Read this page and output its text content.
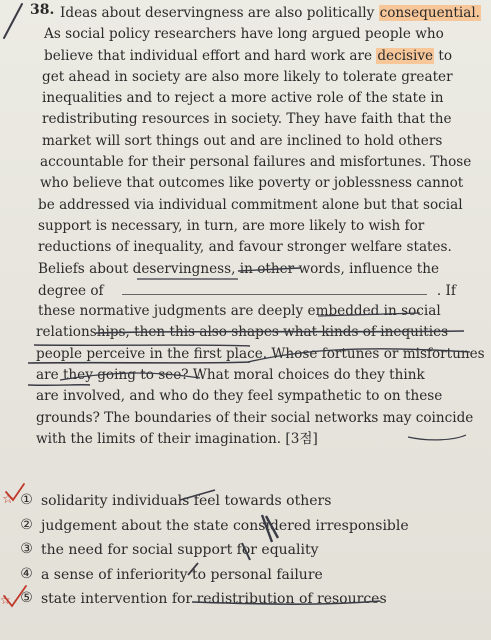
38. Ideas about deservingness are also politically consequential.
As social policy researchers have long argued people who
believe that individual effort and hard work are decisive to
get ahead in society are also more likely to tolerate greater
inequalities and to reject a more active role of the state in
redistributing resources in society. They have faith that the
market will sort things out and are inclined to hold others
accountable for their personal failures and misfortunes. Those
who believe that outcomes like poverty or joblessness cannot
be addressed via individual commitment alone but that social
support is necessary, in turn, are more likely to wish for
reductions of inequality, and favour stronger welfare states.
Beliefs about deservingness, in other words, influence the
degree of	. If
these normative judgments are deeply embedded in social
relationships, then this also shapes what kinds of inequities
people perceive in the first place. Whose fortunes or misfortunes
are they going to see? What moral choices do they think
are involved, and who do they feel sympathetic to on these
grounds? The boundaries of their social networks may coincide
with the limits of their imagination. [3점]
① solidarity individuals feel towards others
② judgement about the state considered irresponsible
③ the need for social support for equality
④ a sense of inferiority to personal failure
⑤ state intervention for redistribution of resources
☆
☆
